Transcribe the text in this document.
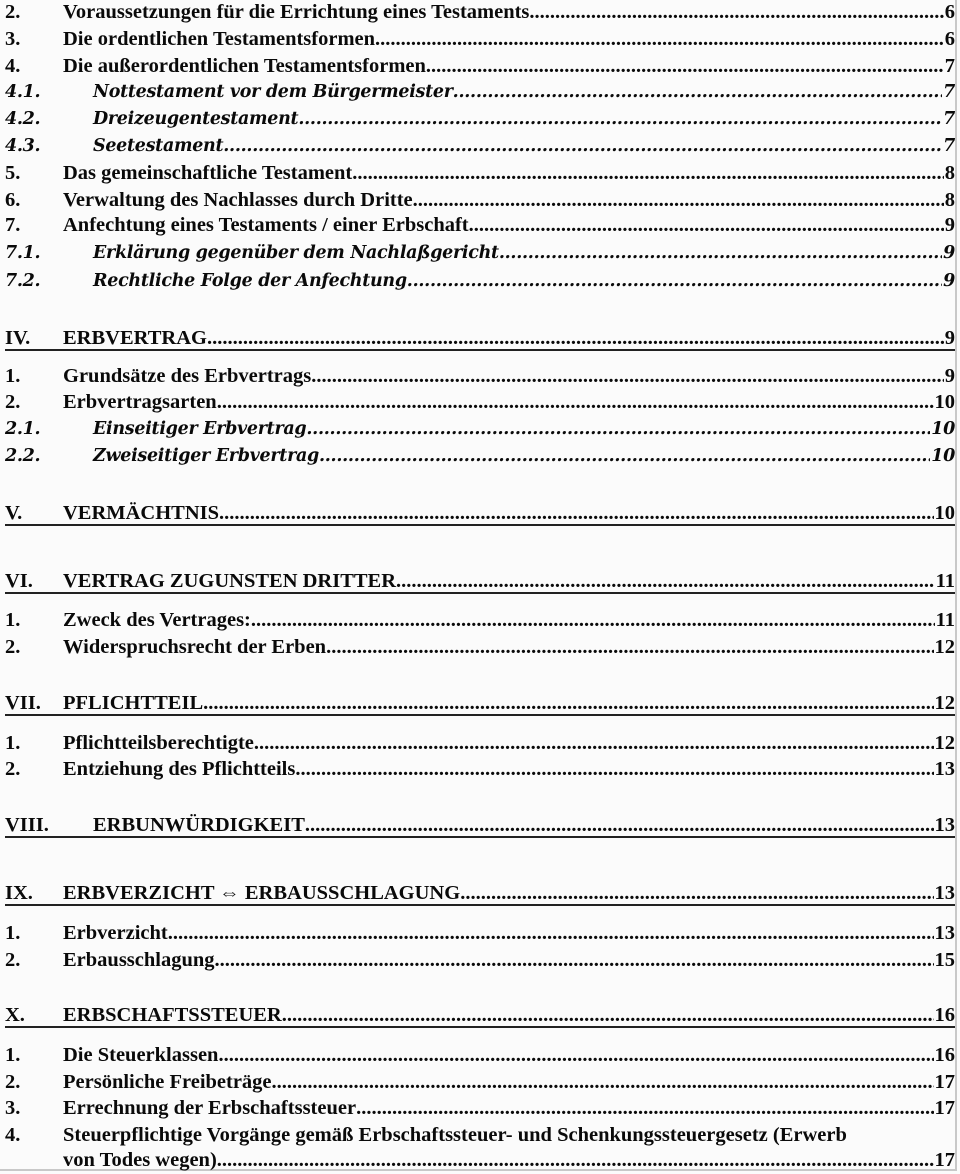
2.	Voraussetzungen für die Errichtung eines Testaments .....	6
3.	Die ordentlichen Testamentsformen .....	6
4.	Die außerordentlichen Testamentsformen .....	7
4.1.	Nottestament vor dem Bürgermeister .....	7
4.2.	Dreizeugentestament .....	7
4.3.	Seetestament .....	7
5.	Das gemeinschaftliche Testament .....	8
6.	Verwaltung des Nachlasses durch Dritte .....	8
7.	Anfechtung eines Testaments / einer Erbschaft .....	9
7.1.	Erklärung gegenüber dem Nachlaßgericht .....	9
7.2.	Rechtliche Folge der Anfechtung .....	9
IV.	ERBVERTRAG .....	9
1.	Grundsätze des Erbvertrags .....	9
2.	Erbvertragsarten .....	10
2.1.	Einseitiger Erbvertrag .....	10
2.2.	Zweiseitiger Erbvertrag .....	10
V.	VERMÄCHTNIS .....	10
VI.	VERTRAG ZUGUNSTEN DRITTER .....	11
1.	Zweck des Vertrages: .....	11
2.	Widerspruchsrecht der Erben .....	12
VII.	PFLICHTTEIL .....	12
1.	Pflichtteilsberechtigte .....	12
2.	Entziehung des Pflichtteils .....	13
VIII.	ERBUNWÜRDIGKEIT .....	13
IX.	ERBVERZICHT ⇔ ERBAUSSCHLAGUNG .....	13
1.	Erbverzicht .....	13
2.	Erbausschlagung .....	15
X.	ERBSCHAFTSSTEUER .....	16
1.	Die Steuerklassen .....	16
2.	Persönliche Freibeträge .....	17
3.	Errechnung der Erbschaftssteuer .....	17
4.	Steuerpflichtige Vorgänge gemäß Erbschaftssteuer- und Schenkungssteuergesetz (Erwerb
von Todes wegen) .....	17
